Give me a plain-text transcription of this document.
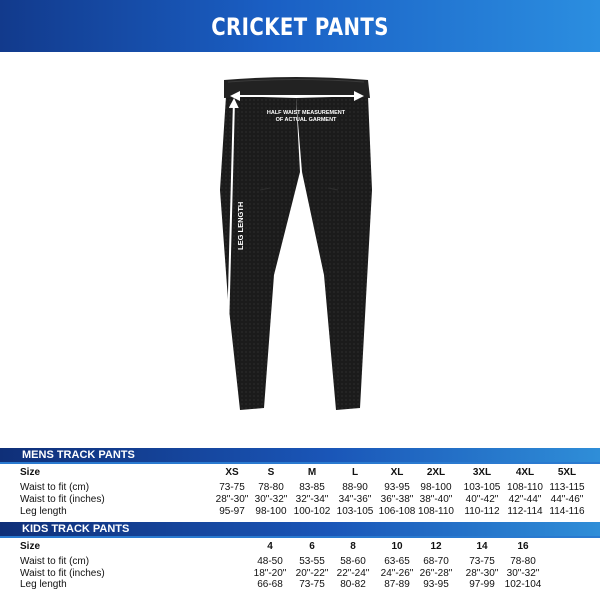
CRICKET PANTS
HALF WAIST MEASUREMENT
OF ACTUAL GARMENT
LEG LENGTH
MENS TRACK PANTS
Size	XS	S	M	L	XL	2XL	3XL	4XL	5XL
Waist to fit (cm)	73-75	78-80	83-85	88-90	93-95	98-100	103-105 108-110 113-115
Waist to fit (inches)	28"-30" 30"-32" 32"-34"	34"-36" 36"-38" 38"-40"	40"-42"	42"-44" 44"-46"
Leg length	95-97	98-100 100-102 103-105 106-108 108-110	110-112 112-114 114-116
KIDS TRACK PANTS
Size	4	6	8	10	12	14	16
Waist to fit (cm)	48-50	53-55	58-60	63-65	68-70	73-75	78-80
Waist to fit (inches)	18"-20" 20"-22" 22"-24"	24"-26" 26"-28"	28"-30" 30"-32"
Leg length	66-68	73-75	80-82	87-89	93-95	97-99 102-104
